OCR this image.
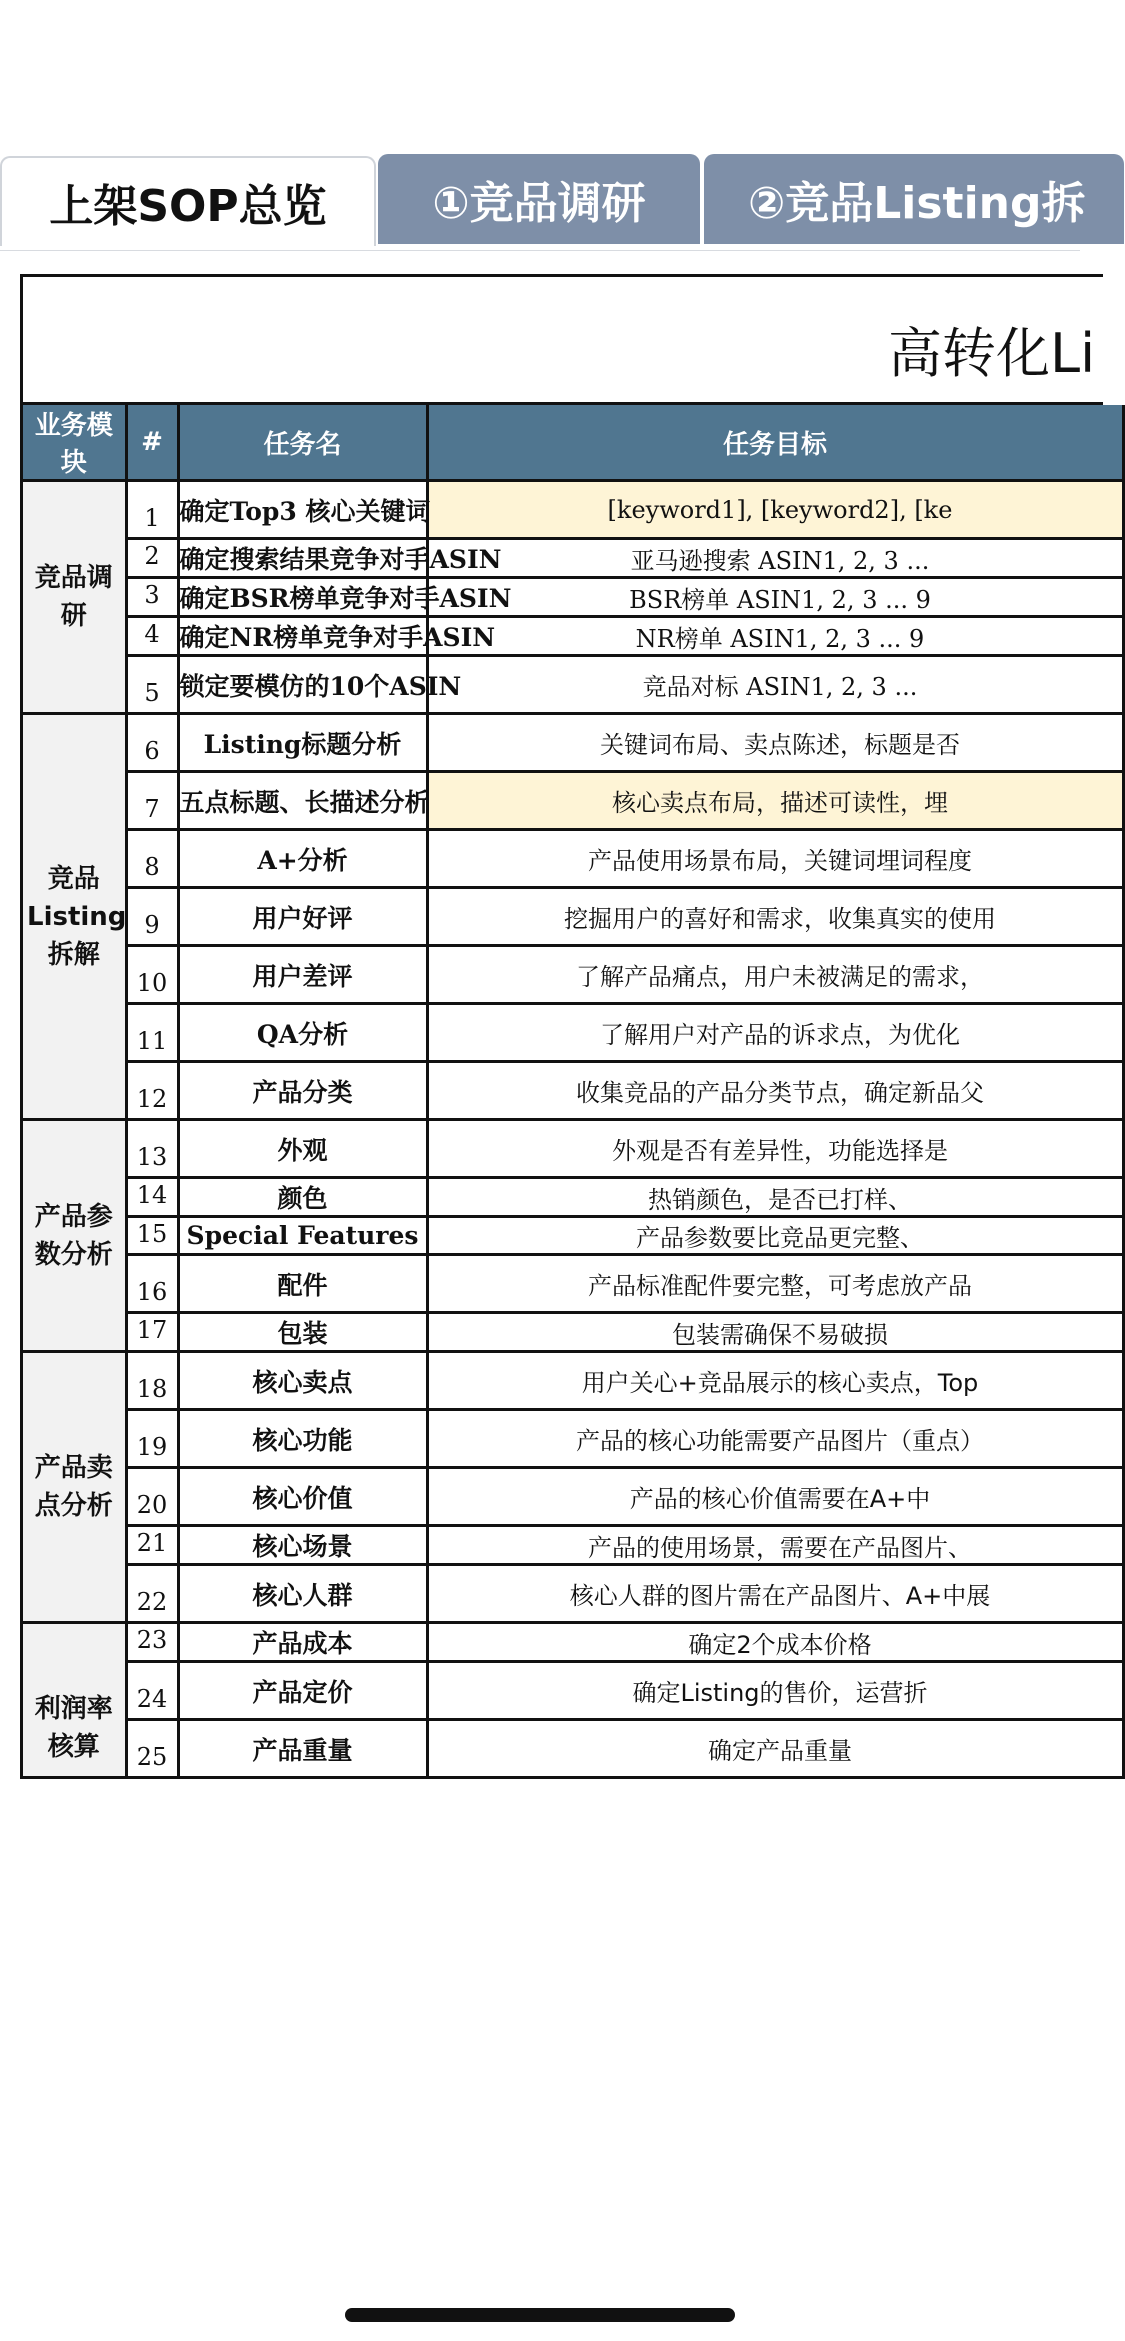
上架SOP总览	①竞品调研	②竞品Listing拆
高转化Li
业务模块	#	任务名	任务目标
竞品调研	1	确定Top3 核心关键词	[keyword1], [keyword2], [ke
	2	确定搜索结果竞争对手ASIN	亚马逊搜索 ASIN1, 2, 3 ...
	3	确定BSR榜单竞争对手ASIN	BSR榜单 ASIN1, 2, 3 ... 9
	4	确定NR榜单竞争对手ASIN	NR榜单 ASIN1, 2, 3 ... 9
	5	锁定要模仿的10个ASIN	竞品对标 ASIN1, 2, 3 ...
竞品Listing拆解	6	Listing标题分析	关键词布局、卖点陈述，标题是否
	7	五点标题、长描述分析	核心卖点布局，描述可读性，埋
	8	A+分析	产品使用场景布局，关键词埋词程度
	9	用户好评	挖掘用户的喜好和需求，收集真实的使用
	10	用户差评	了解产品痛点，用户未被满足的需求，
	11	QA分析	了解用户对产品的诉求点，为优化
	12	产品分类	收集竞品的产品分类节点，确定新品父
产品参数分析	13	外观	外观是否有差异性，功能选择是
	14	颜色	热销颜色，是否已打样、
	15	Special Features	产品参数要比竞品更完整、
	16	配件	产品标准配件要完整，可考虑放产品
	17	包装	包装需确保不易破损
产品卖点分析	18	核心卖点	用户关心+竞品展示的核心卖点，Top
	19	核心功能	产品的核心功能需要产品图片（重点）
	20	核心价值	产品的核心价值需要在A+中
	21	核心场景	产品的使用场景，需要在产品图片、
	22	核心人群	核心人群的图片需在产品图片、A+中展
利润率核算	23	产品成本	确定2个成本价格
	24	产品定价	确定Listing的售价，运营折
	25	产品重量	确定产品重量
